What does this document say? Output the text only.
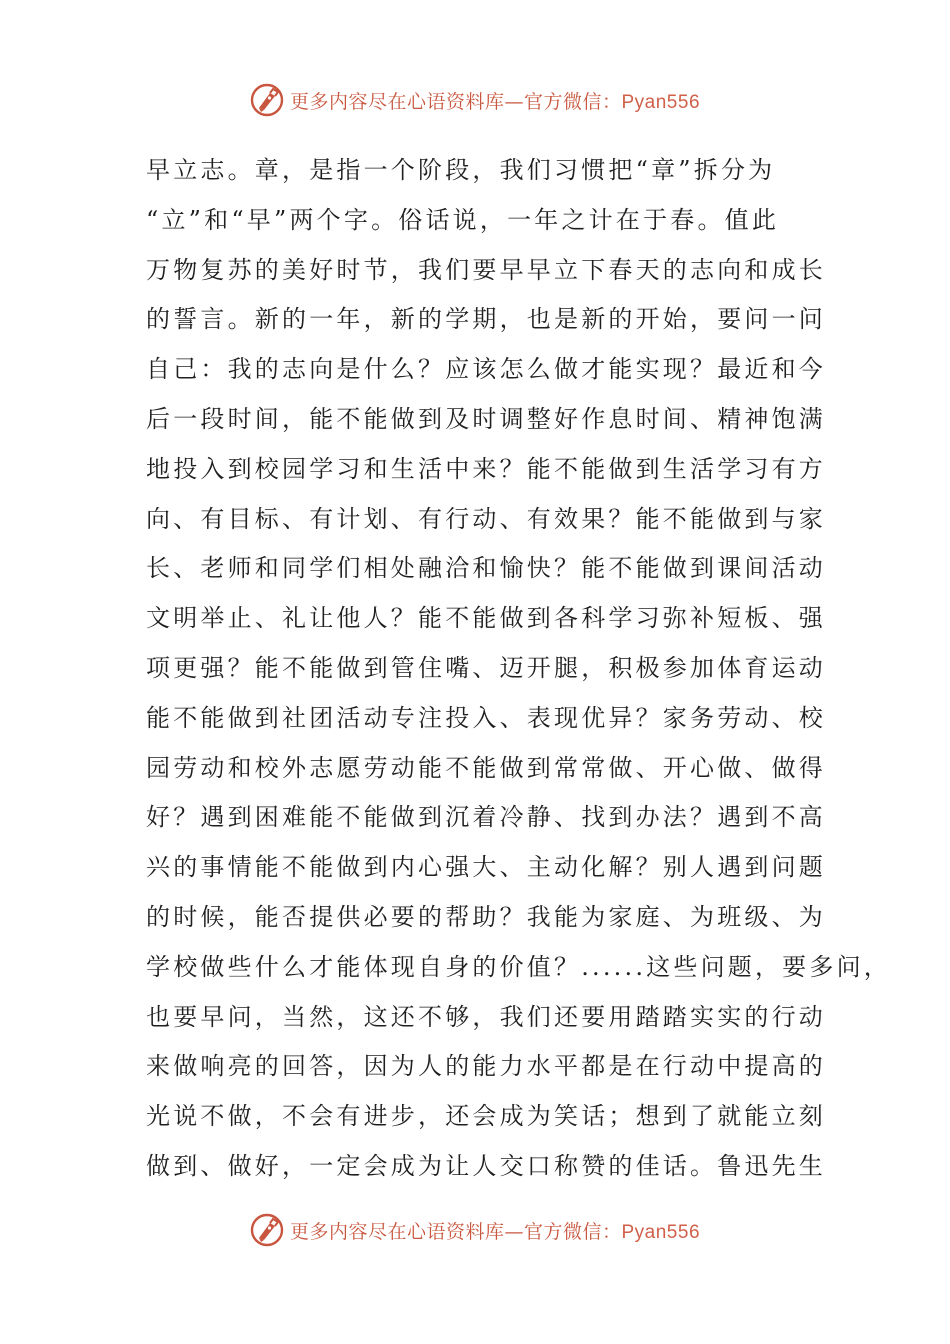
更多内容尽在心语资料库—官方微信：Pyan556
早立志。章，是指一个阶段，我们习惯把“章”拆分为
“立”和“早”两个字。俗话说，一年之计在于春。值此
万物复苏的美好时节，我们要早早立下春天的志向和成长
的誓言。新的一年，新的学期，也是新的开始，要问一问
自己：我的志向是什么？应该怎么做才能实现？最近和今
后一段时间，能不能做到及时调整好作息时间、精神饱满
地投入到校园学习和生活中来？能不能做到生活学习有方
向、有目标、有计划、有行动、有效果？能不能做到与家
长、老师和同学们相处融洽和愉快？能不能做到课间活动
文明举止、礼让他人？能不能做到各科学习弥补短板、强
项更强？能不能做到管住嘴、迈开腿，积极参加体育运动
能不能做到社团活动专注投入、表现优异？家务劳动、校
园劳动和校外志愿劳动能不能做到常常做、开心做、做得
好？遇到困难能不能做到沉着冷静、找到办法？遇到不高
兴的事情能不能做到内心强大、主动化解？别人遇到问题
的时候，能否提供必要的帮助？我能为家庭、为班级、为
学校做些什么才能体现自身的价值？......这些问题，要多问，
也要早问，当然，这还不够，我们还要用踏踏实实的行动
来做响亮的回答，因为人的能力水平都是在行动中提高的
光说不做，不会有进步，还会成为笑话；想到了就能立刻
做到、做好，一定会成为让人交口称赞的佳话。鲁迅先生
更多内容尽在心语资料库—官方微信：Pyan556
